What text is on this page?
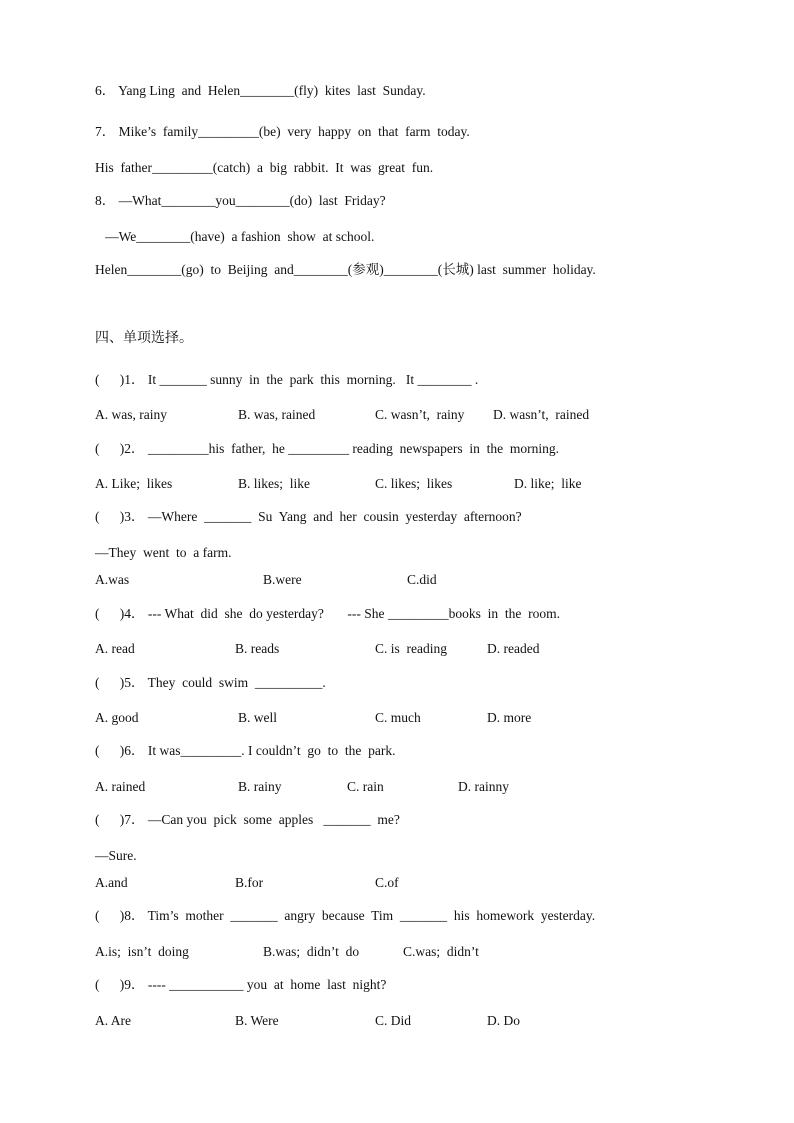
6． Yang Ling  and  Helen________(fly)  kites  last  Sunday.
7． Mike’s  family_________(be)  very  happy  on  that  farm  today.
His  father_________(catch)  a  big  rabbit.  It  was  great  fun.
8． —What________you________(do)  last  Friday?
—We________(have)  a fashion  show  at school.
Helen________(go)  to  Beijing  and________(参观)________(长城) last  summer  holiday.
四、单项选择。
(      )1． It _______ sunny  in  the  park  this  morning.   It ________ .
A. was, rainy	B. was, rained	C. wasn’t,  rainy D. wasn’t,  rained
(      )2． _________his  father,  he _________ reading  newspapers  in  the  morning.
A. Like;  likes	B. likes;  like	C. likes;  likes	D. like;  like
(      )3． —Where  _______  Su  Yang  and  her  cousin  yesterday  afternoon?
—They  went  to  a farm.
A.was	B.were	C.did
(      )4． --- What  did  she  do yesterday?       --- She _________books  in  the  room.
A. read	B. reads	C. is  reading	D. readed
(      )5． They  could  swim  __________.
A. good	B. well	C. much	D. more
(      )6． It was_________. I couldn’t  go  to  the  park.
A. rained	B. rainy	C. rain	D. rainny
(      )7． —Can you  pick  some  apples   _______  me?
—Sure.
A.and	B.for	C.of
(      )8． Tim’s  mother  _______  angry  because  Tim  _______  his  homework  yesterday.
A.is;  isn’t  doing	B.was;  didn’t  do	C.was;  didn’t
(      )9． ---- ___________ you  at  home  last  night?
A. Are	B. Were	C. Did	D. Do
